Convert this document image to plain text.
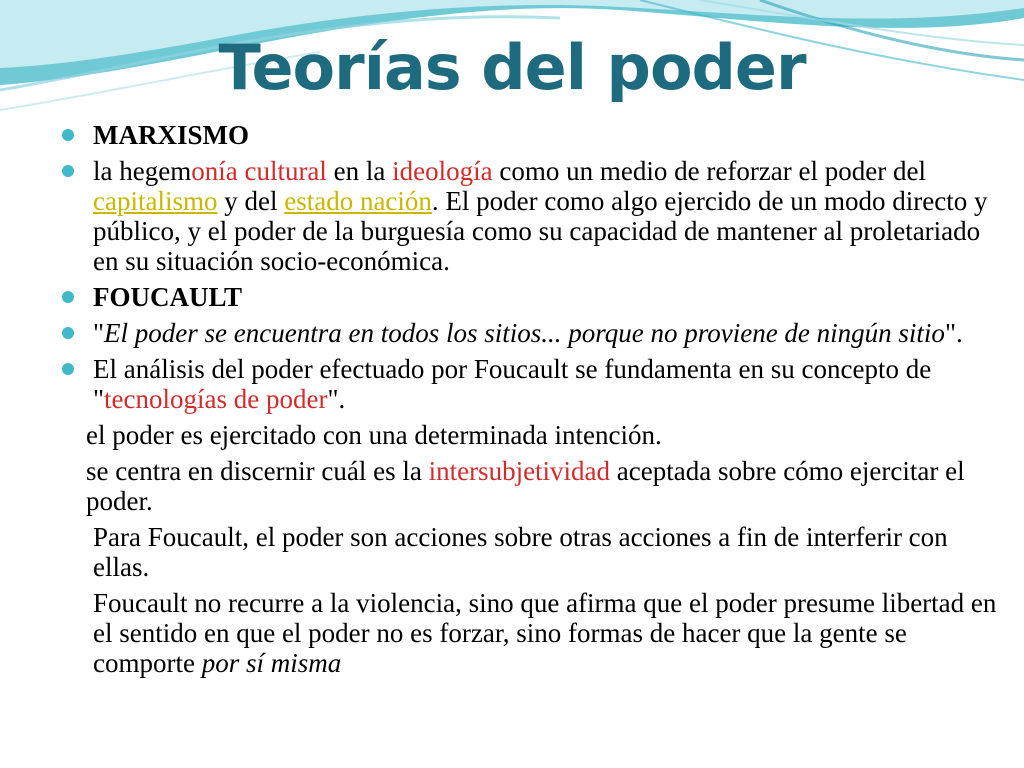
Teorías del poder
MARXISMO
la hegemonía cultural en la ideología como un medio de reforzar el poder del capitalismo y del estado nación. El poder como algo ejercido de un modo directo y público, y el poder de la burguesía como su capacidad de mantener al proletariado en su situación socio-económica.
FOUCAULT
"El poder se encuentra en todos los sitios... porque no proviene de ningún sitio".
El análisis del poder efectuado por Foucault se fundamenta en su concepto de "tecnologías de poder".
el poder es ejercitado con una determinada intención.
se centra en discernir cuál es la intersubjetividad aceptada sobre cómo ejercitar el poder.
Para Foucault, el poder son acciones sobre otras acciones a fin de interferir con ellas.
Foucault no recurre a la violencia, sino que afirma que el poder presume libertad en el sentido en que el poder no es forzar, sino formas de hacer que la gente se comporte por sí misma
